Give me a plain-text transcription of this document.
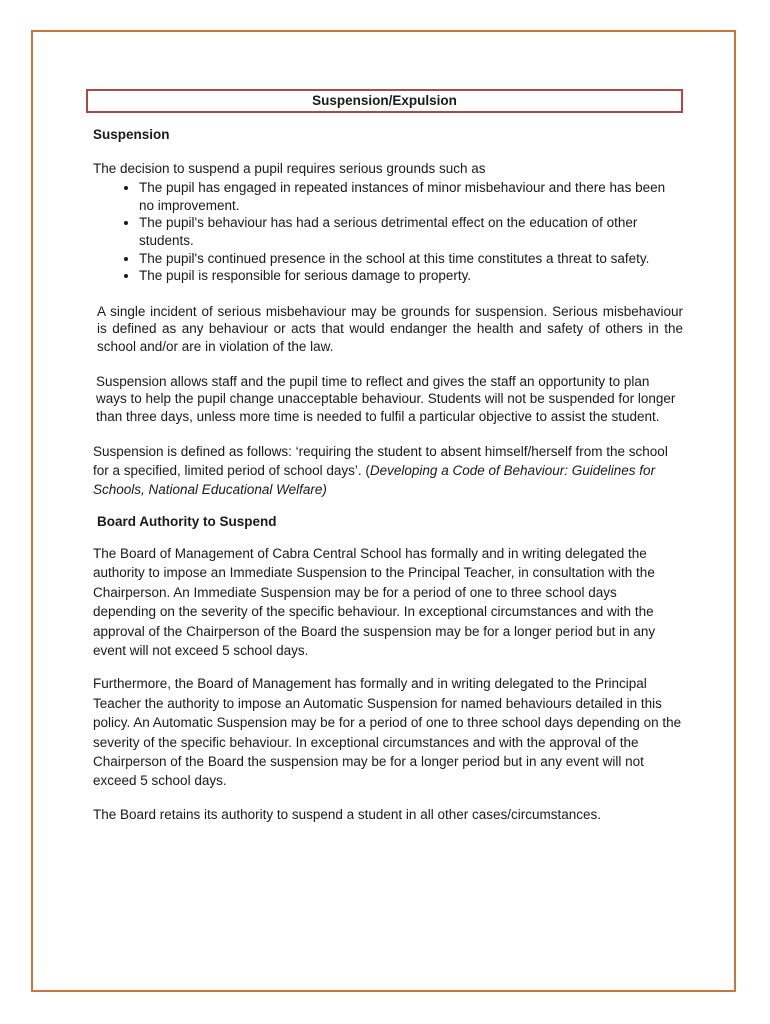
Suspension/Expulsion

Suspension

The decision to suspend a pupil requires serious grounds such as

• The pupil has engaged in repeated instances of minor misbehaviour and there has been no improvement.
• The pupil's behaviour has had a serious detrimental effect on the education of other students.
• The pupil's continued presence in the school at this time constitutes a threat to safety.
• The pupil is responsible for serious damage to property.

A single incident of serious misbehaviour may be grounds for suspension. Serious misbehaviour is defined as any behaviour or acts that would endanger the health and safety of others in the school and/or are in violation of the law.

Suspension allows staff and the pupil time to reflect and gives the staff an opportunity to plan ways to help the pupil change unacceptable behaviour. Students will not be suspended for longer than three days, unless more time is needed to fulfil a particular objective to assist the student.

Suspension is defined as follows: ‘requiring the student to absent himself/herself from the school for a specified, limited period of school days’. (Developing a Code of Behaviour: Guidelines for Schools, National Educational Welfare)

Board Authority to Suspend

The Board of Management of Cabra Central School has formally and in writing delegated the authority to impose an Immediate Suspension to the Principal Teacher, in consultation with the Chairperson. An Immediate Suspension may be for a period of one to three school days depending on the severity of the specific behaviour. In exceptional circumstances and with the approval of the Chairperson of the Board the suspension may be for a longer period but in any event will not exceed 5 school days.

Furthermore, the Board of Management has formally and in writing delegated to the Principal Teacher the authority to impose an Automatic Suspension for named behaviours detailed in this policy. An Automatic Suspension may be for a period of one to three school days depending on the severity of the specific behaviour. In exceptional circumstances and with the approval of the Chairperson of the Board the suspension may be for a longer period but in any event will not exceed 5 school days.

The Board retains its authority to suspend a student in all other cases/circumstances.
